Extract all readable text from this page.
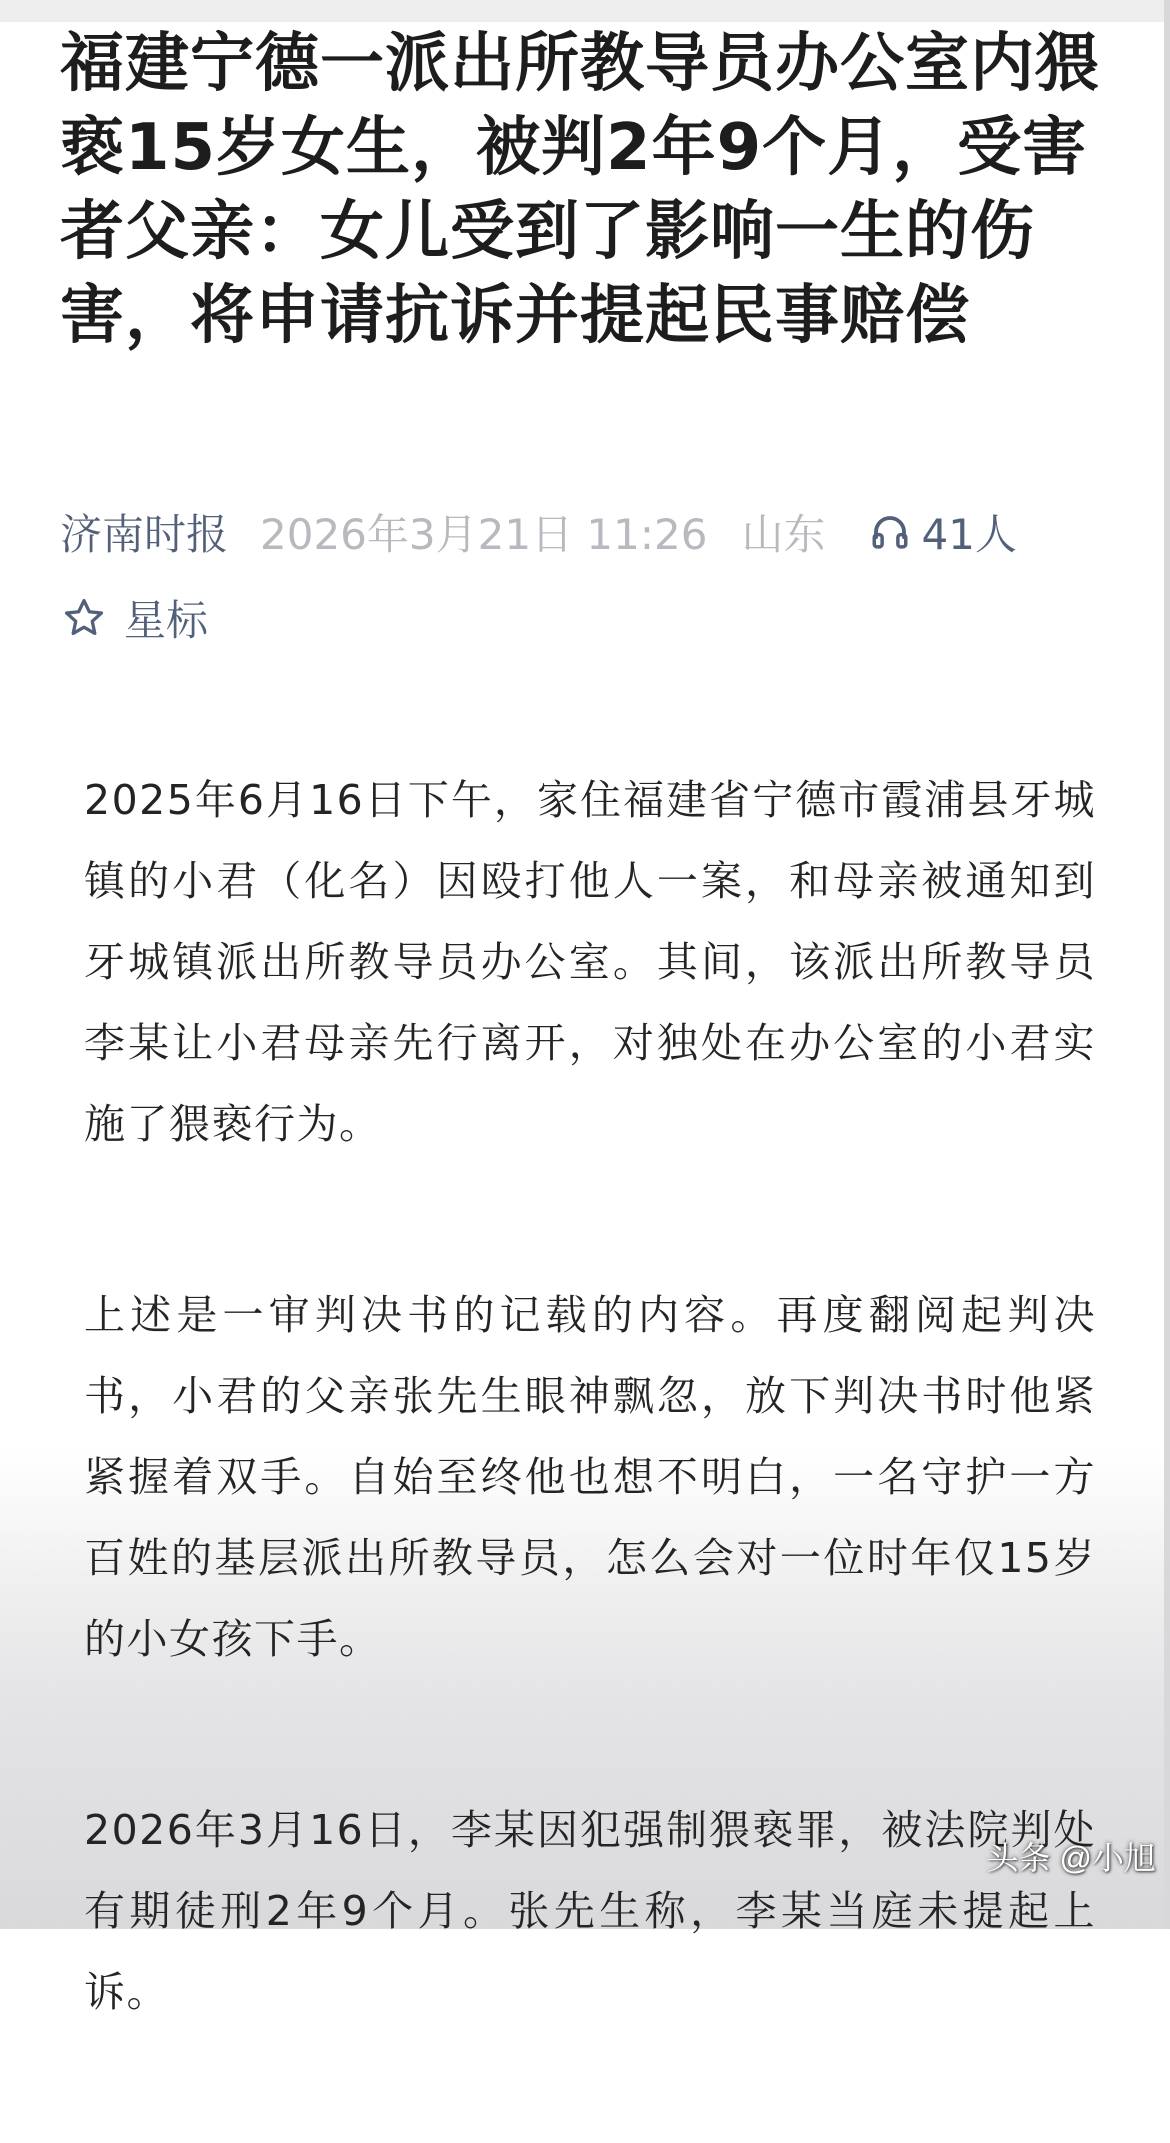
福建宁德一派出所教导员办公室内猥亵15岁女生，被判2年9个月，受害者父亲：女儿受到了影响一生的伤害，将申请抗诉并提起民事赔偿
济南时报 2026年3月21日 11:26 山东 41人
星标

2025年6月16日下午，家住福建省宁德市霞浦县牙城镇的小君（化名）因殴打他人一案，和母亲被通知到牙城镇派出所教导员办公室。其间，该派出所教导员李某让小君母亲先行离开，对独处在办公室的小君实施了猥亵行为。

上述是一审判决书的记载的内容。再度翻阅起判决书，小君的父亲张先生眼神飘忽，放下判决书时他紧紧握着双手。自始至终他也想不明白，一名守护一方百姓的基层派出所教导员，怎么会对一位时年仅15岁的小女孩下手。

2026年3月16日，李某因犯强制猥亵罪，被法院判处有期徒刑2年9个月。张先生称，李某当庭未提起上诉。

头条 @小旭
